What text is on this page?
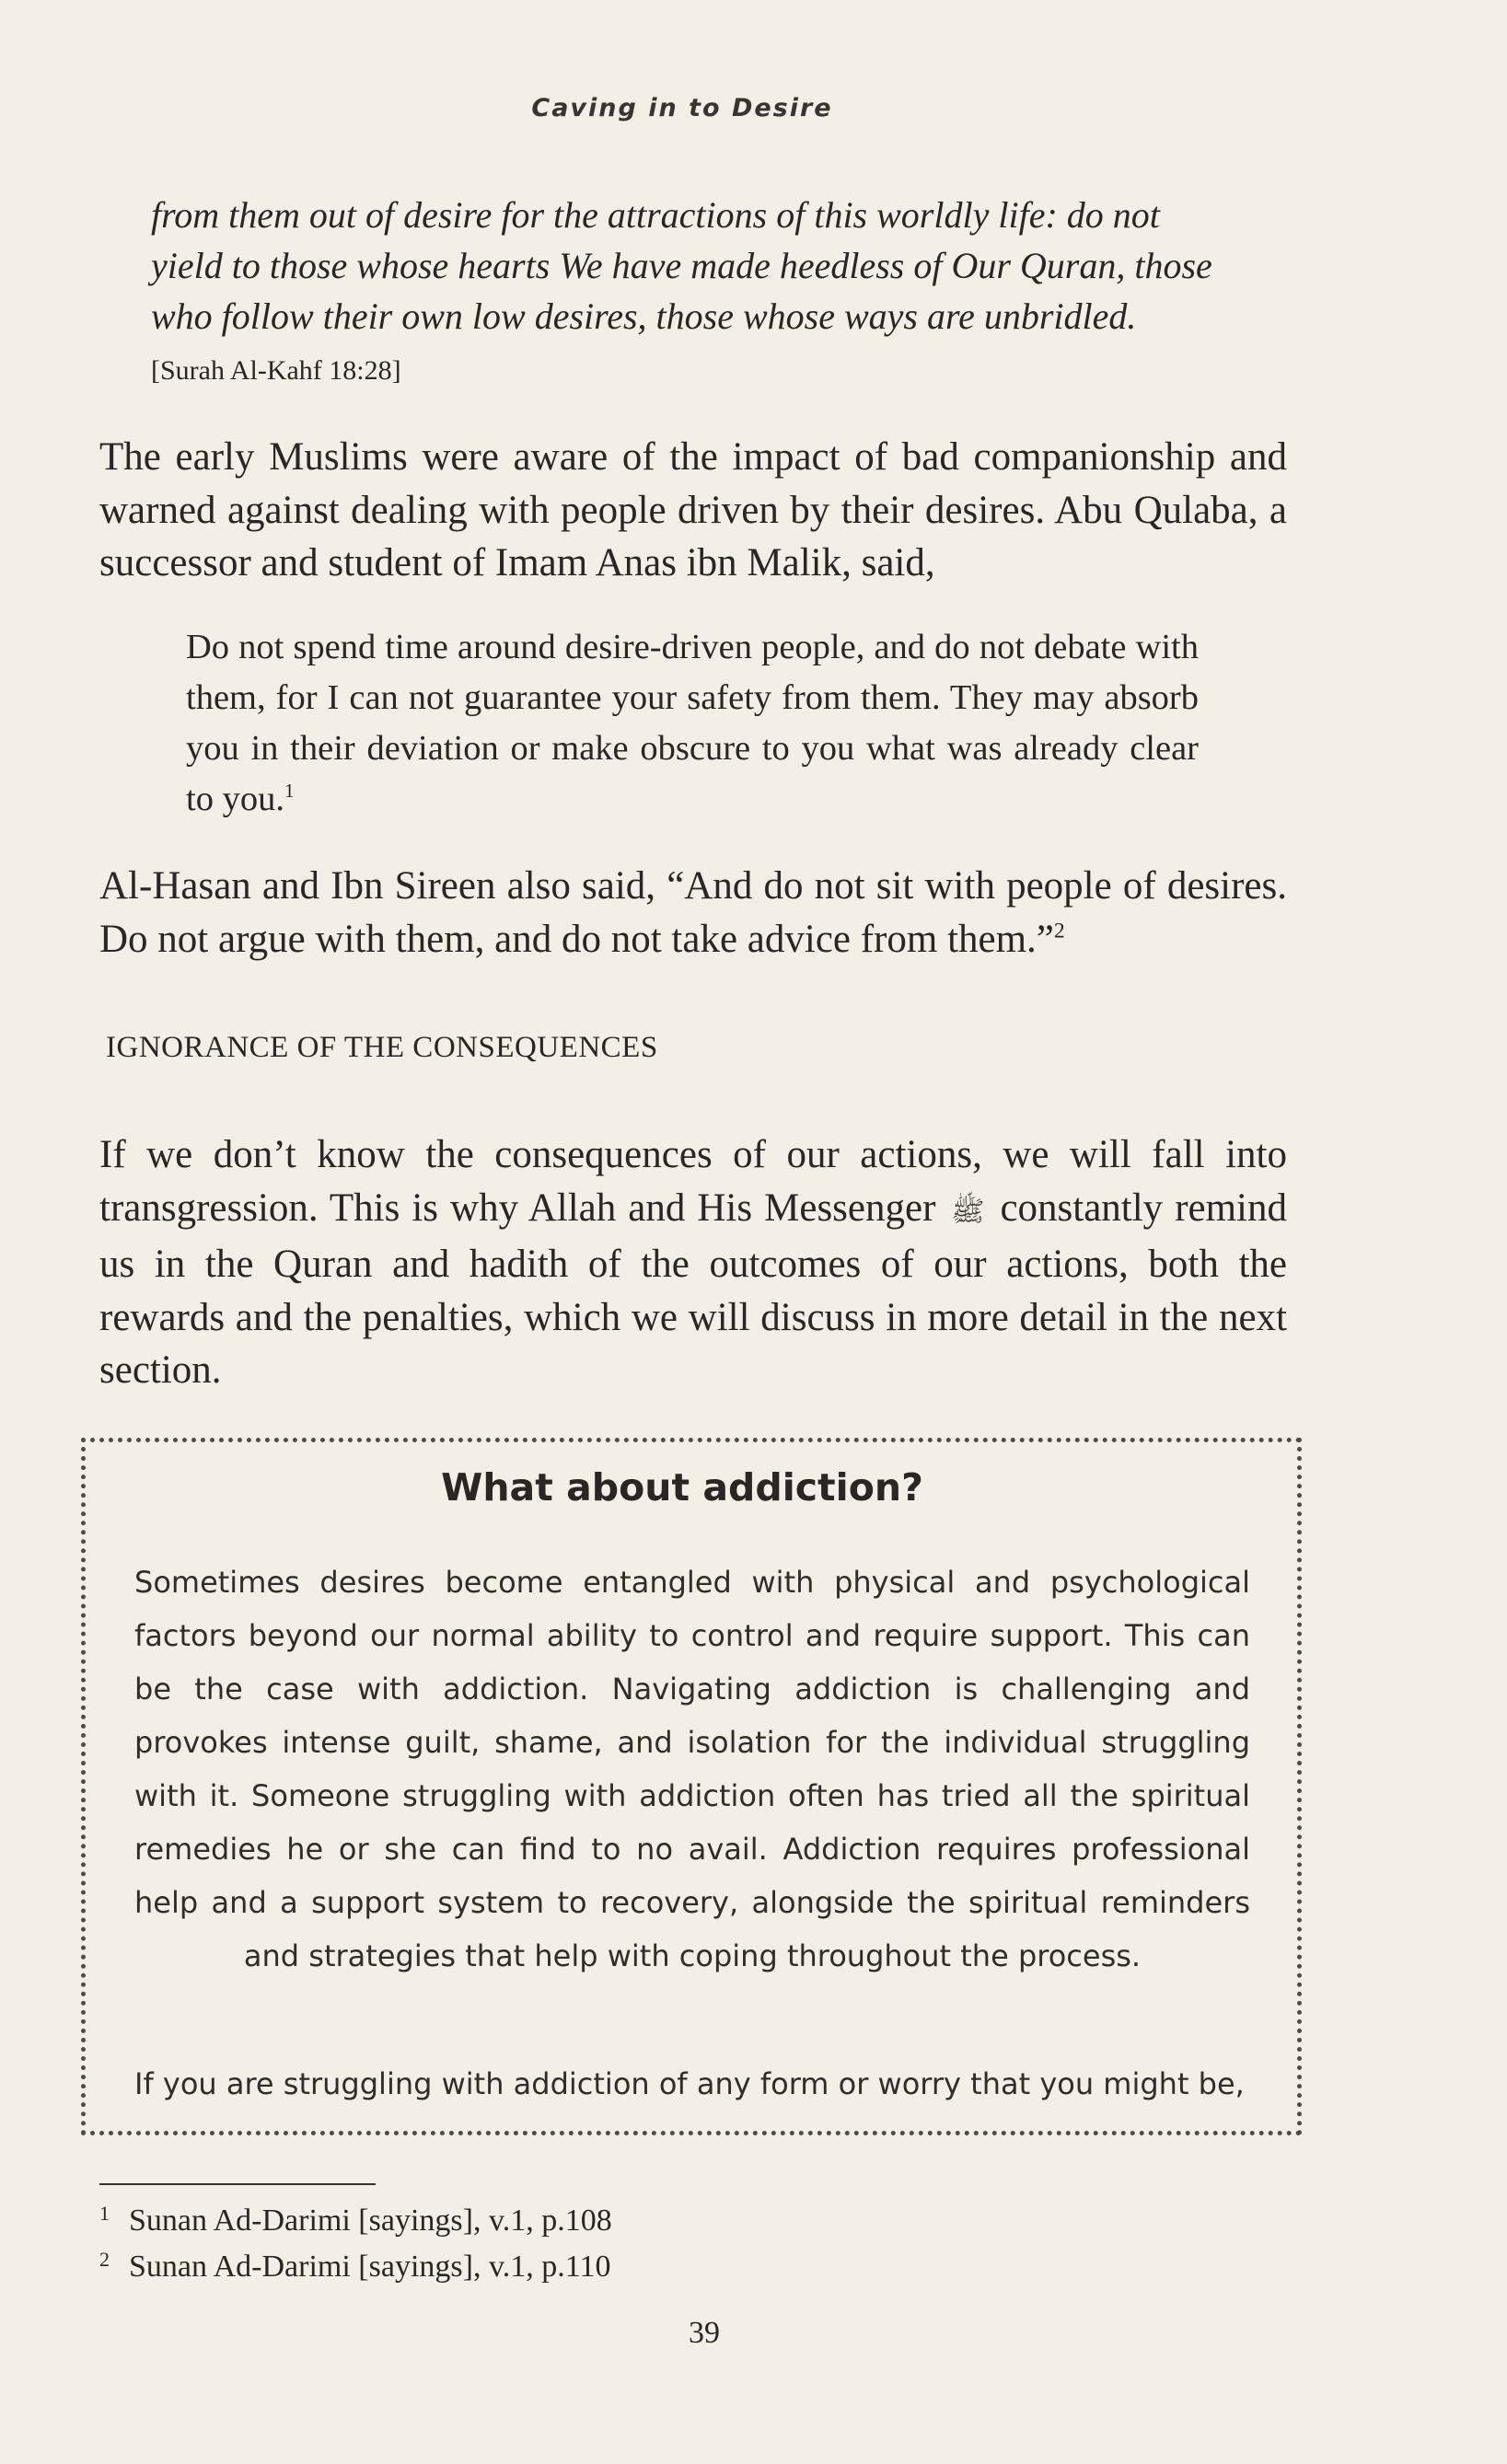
Caving in to Desire
from them out of desire for the attractions of this worldly life: do not yield to those whose hearts We have made heedless of Our Quran, those who follow their own low desires, those whose ways are unbridled. [Surah Al-Kahf 18:28]
The early Muslims were aware of the impact of bad companionship and warned against dealing with people driven by their desires. Abu Qulaba, a successor and student of Imam Anas ibn Malik, said,
Do not spend time around desire-driven people, and do not debate with them, for I can not guarantee your safety from them. They may absorb you in their deviation or make obscure to you what was already clear to you.$^1$
Al-Hasan and Ibn Sireen also said, “And do not sit with people of desires. Do not argue with them, and do not take advice from them.”$^2$
IGNORANCE OF THE CONSEQUENCES
If we don’t know the consequences of our actions, we will fall into transgression. This is why Allah and His Messenger ﷺ constantly remind us in the Quran and hadith of the outcomes of our actions, both the rewards and the penalties, which we will discuss in more detail in the next section.
What about addiction?
Sometimes desires become entangled with physical and psychological factors beyond our normal ability to control and require support. This can be the case with addiction. Navigating addiction is challenging and provokes intense guilt, shame, and isolation for the individual struggling with it. Someone struggling with addiction often has tried all the spiritual remedies he or she can find to no avail. Addiction requires professional help and a support system to recovery, alongside the spiritual reminders and strategies that help with coping throughout the process.
If you are struggling with addiction of any form or worry that you might be,
1 Sunan Ad-Darimi [sayings], v.1, p.108
2 Sunan Ad-Darimi [sayings], v.1, p.110
39
